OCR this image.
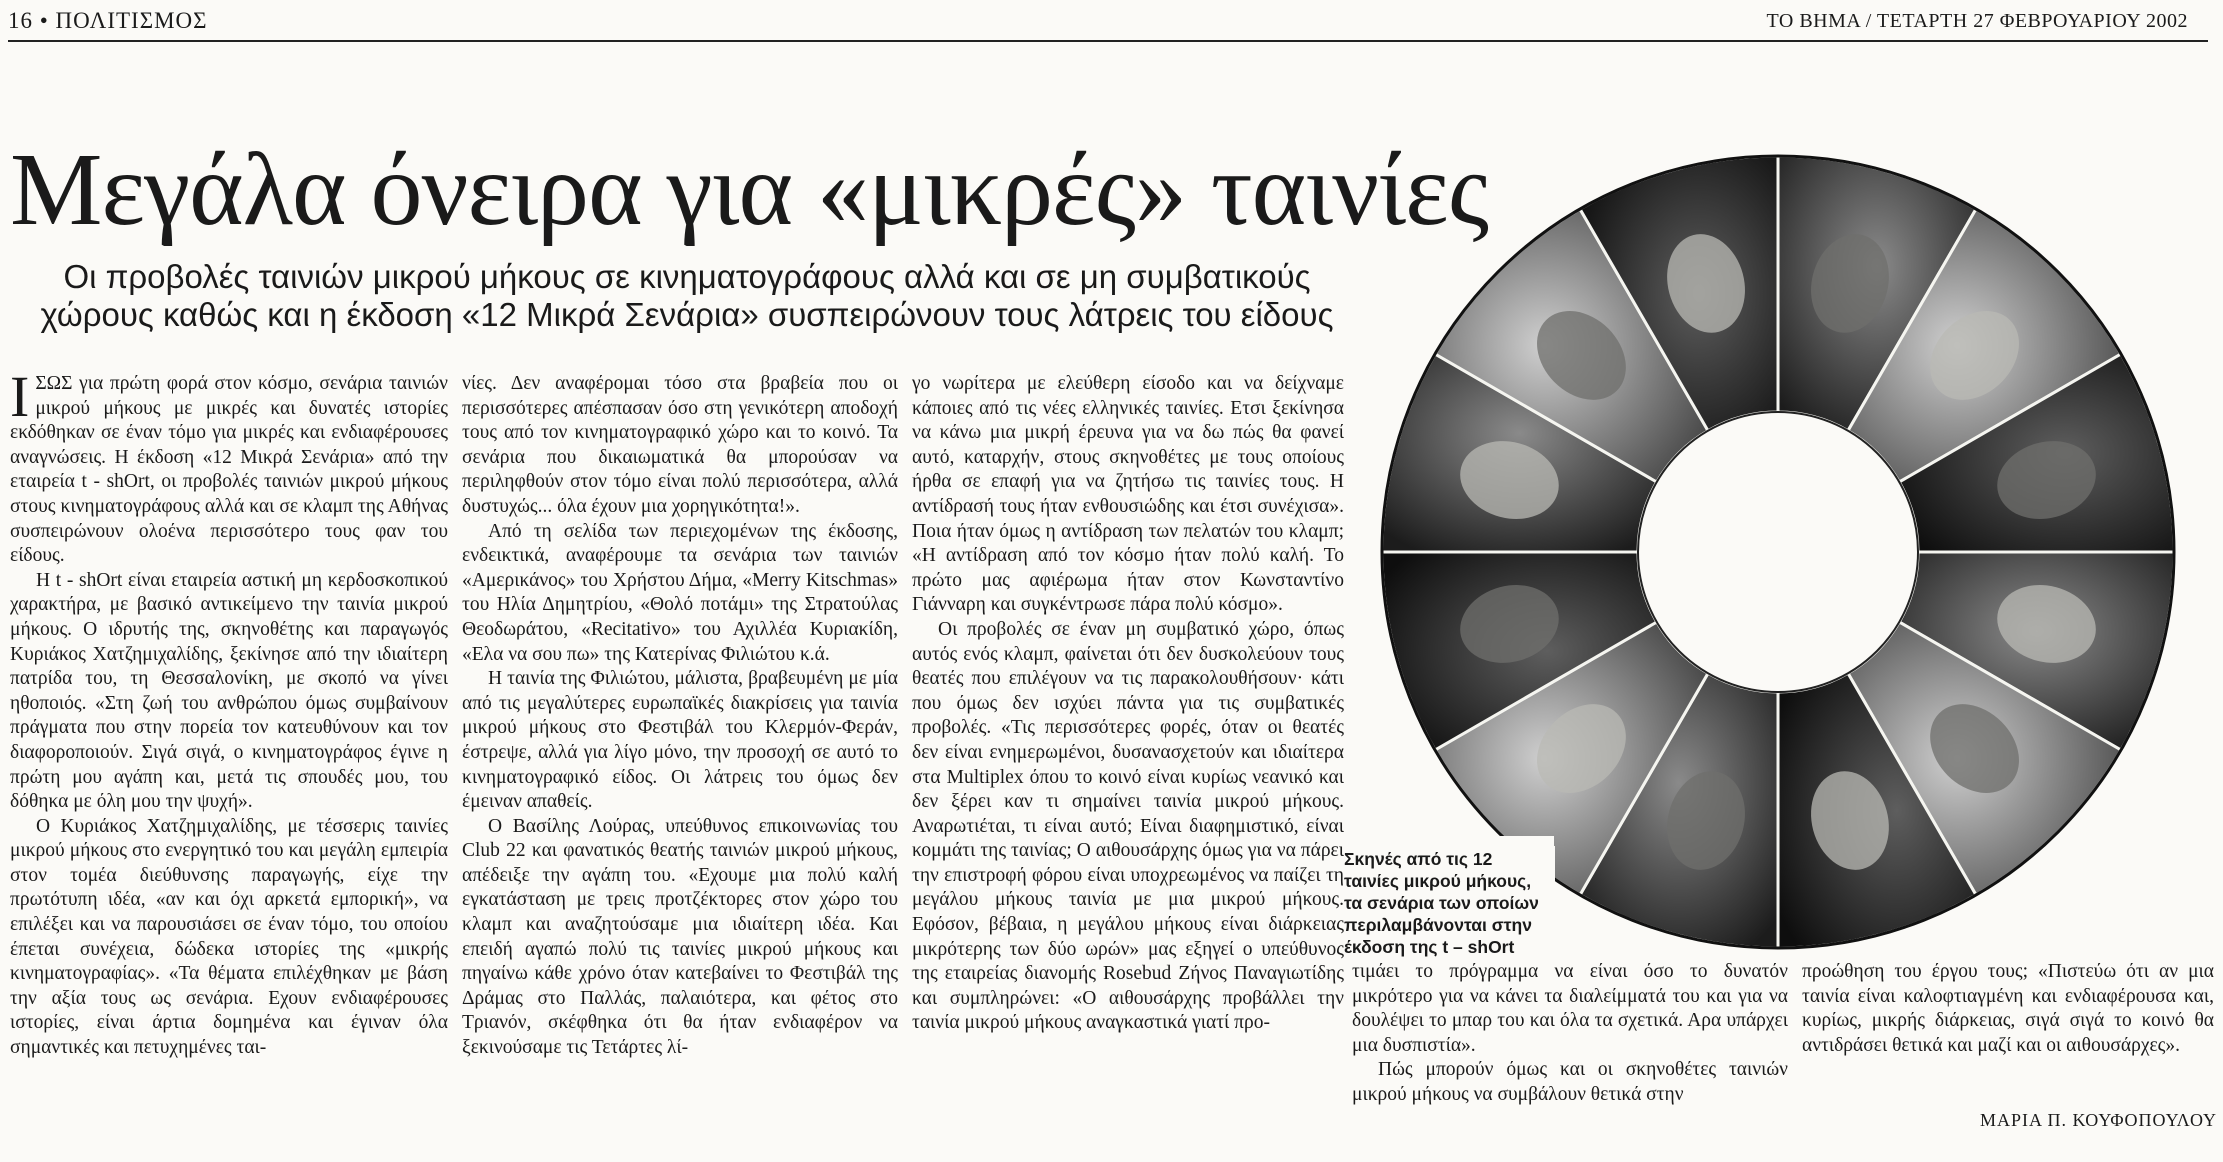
16 • ΠΟΛΙΤΙΣΜΟΣ	ΤΟ ΒΗΜΑ / ΤΕΤΑΡΤΗ 27 ΦΕΒΡΟΥΑΡΙΟΥ 2002
Μεγάλα όνειρα για «μικρές» ταινίες
Οι προβολές ταινιών μικρού μήκους σε κινηματογράφους αλλά και σε μη συμβατικούς χώρους καθώς και η έκδοση «12 Μικρά Σενάρια» συσπειρώνουν τους λάτρεις του είδους
Σκηνές από τις 12 ταινίες μικρού μήκους, τα σενάρια των οποίων περιλαμβάνονται στην έκδοση της t – shOrt

ΙΣΩΣ για πρώτη φορά στον κόσμο, σενάρια ταινιών μικρού μήκους με μικρές και δυνατές ιστορίες εκδόθηκαν σε έναν τόμο για μικρές και ενδιαφέρουσες αναγνώσεις. Η έκδοση «12 Μικρά Σενάρια» από την εταιρεία t - shOrt, οι προβολές ταινιών μικρού μήκους στους κινηματογράφους αλλά και σε κλαμπ της Αθήνας συσπειρώνουν ολοένα περισσότερο τους φαν του είδους.

Η t - shOrt είναι εταιρεία αστική μη κερδοσκοπικού χαρακτήρα, με βασικό αντικείμενο την ταινία μικρού μήκους. Ο ιδρυτής της, σκηνοθέτης και παραγωγός Κυριάκος Χατζημιχαλίδης, ξεκίνησε από την ιδιαίτερη πατρίδα του, τη Θεσσαλονίκη, με σκοπό να γίνει ηθοποιός. «Στη ζωή του ανθρώπου όμως συμβαίνουν πράγματα που στην πορεία τον κατευθύνουν και τον διαφοροποιούν. Σιγά σιγά, ο κινηματογράφος έγινε η πρώτη μου αγάπη και, μετά τις σπουδές μου, του δόθηκα με όλη μου την ψυχή».

Ο Κυριάκος Χατζημιχαλίδης, με τέσσερις ταινίες μικρού μήκους στο ενεργητικό του και μεγάλη εμπειρία στον τομέα διεύθυνσης παραγωγής, είχε την πρωτότυπη ιδέα, «αν και όχι αρκετά εμπορική», να επιλέξει και να παρουσιάσει σε έναν τόμο, του οποίου έπεται συνέχεια, δώδεκα ιστορίες της «μικρής κινηματογραφίας». «Τα θέματα επιλέχθηκαν με βάση την αξία τους ως σενάρια. Εχουν ενδιαφέρουσες ιστορίες, είναι άρτια δομημένα και έγιναν όλα σημαντικές και πετυχημένες ται-

νίες. Δεν αναφέρομαι τόσο στα βραβεία που οι περισσότερες απέσπασαν όσο στη γενικότερη αποδοχή τους από τον κινηματογραφικό χώρο και το κοινό. Τα σενάρια που δικαιωματικά θα μπορούσαν να περιληφθούν στον τόμο είναι πολύ περισσότερα, αλλά δυστυχώς... όλα έχουν μια χορηγικότητα!».

Από τη σελίδα των περιεχομένων της έκδοσης, ενδεικτικά, αναφέρουμε τα σενάρια των ταινιών «Αμερικάνος» του Χρήστου Δήμα, «Merry Kitschmas» του Ηλία Δημητρίου, «Θολό ποτάμι» της Στρατούλας Θεοδωράτου, «Recitativo» του Αχιλλέα Κυριακίδη, «Ελα να σου πω» της Κατερίνας Φιλιώτου κ.ά.

Η ταινία της Φιλιώτου, μάλιστα, βραβευμένη με μία από τις μεγαλύτερες ευρωπαϊκές διακρίσεις για ταινία μικρού μήκους στο Φεστιβάλ του Κλερμόν-Φεράν, έστρεψε, αλλά για λίγο μόνο, την προσοχή σε αυτό το κινηματογραφικό είδος. Οι λάτρεις του όμως δεν έμειναν απαθείς.

Ο Βασίλης Λούρας, υπεύθυνος επικοινωνίας του Club 22 και φανατικός θεατής ταινιών μικρού μήκους, απέδειξε την αγάπη του. «Εχουμε μια πολύ καλή εγκατάσταση με τρεις προτζέκτορες στον χώρο του κλαμπ και αναζητούσαμε μια ιδιαίτερη ιδέα. Και επειδή αγαπώ πολύ τις ταινίες μικρού μήκους και πηγαίνω κάθε χρόνο όταν κατεβαίνει το Φεστιβάλ της Δράμας στο Παλλάς, παλαιότερα, και φέτος στο Τριανόν, σκέφθηκα ότι θα ήταν ενδιαφέρον να ξεκινούσαμε τις Τετάρτες λί-

γο νωρίτερα με ελεύθερη είσοδο και να δείχναμε κάποιες από τις νέες ελληνικές ταινίες. Ετσι ξεκίνησα να κάνω μια μικρή έρευνα για να δω πώς θα φανεί αυτό, καταρχήν, στους σκηνοθέτες με τους οποίους ήρθα σε επαφή για να ζητήσω τις ταινίες τους. Η αντίδρασή τους ήταν ενθουσιώδης και έτσι συνέχισα». Ποια ήταν όμως η αντίδραση των πελατών του κλαμπ; «Η αντίδραση από τον κόσμο ήταν πολύ καλή. Το πρώτο μας αφιέρωμα ήταν στον Κωνσταντίνο Γιάνναρη και συγκέντρωσε πάρα πολύ κόσμο».

Οι προβολές σε έναν μη συμβατικό χώρο, όπως αυτός ενός κλαμπ, φαίνεται ότι δεν δυσκολεύουν τους θεατές που επιλέγουν να τις παρακολουθήσουν· κάτι που όμως δεν ισχύει πάντα για τις συμβατικές προβολές. «Τις περισσότερες φορές, όταν οι θεατές δεν είναι ενημερωμένοι, δυσανασχετούν και ιδιαίτερα στα Multiplex όπου το κοινό είναι κυρίως νεανικό και δεν ξέρει καν τι σημαίνει ταινία μικρού μήκους. Αναρωτιέται, τι είναι αυτό; Είναι διαφημιστικό, είναι κομμάτι της ταινίας; Ο αιθουσάρχης όμως για να πάρει την επιστροφή φόρου είναι υποχρεωμένος να παίζει τη μεγάλου μήκους ταινία με μια μικρού μήκους. Εφόσον, βέβαια, η μεγάλου μήκους είναι διάρκειας μικρότερης των δύο ωρών» μας εξηγεί ο υπεύθυνος της εταιρείας διανομής Rosebud Ζήνος Παναγιωτίδης και συμπληρώνει: «Ο αιθουσάρχης προβάλλει την ταινία μικρού μήκους αναγκαστικά γιατί προ-

τιμάει το πρόγραμμα να είναι όσο το δυνατόν μικρότερο για να κάνει τα διαλείμματά του και για να δουλέψει το μπαρ του και όλα τα σχετικά. Αρα υπάρχει μια δυσπιστία».

Πώς μπορούν όμως και οι σκηνοθέτες ταινιών μικρού μήκους να συμβάλουν θετικά στην

προώθηση του έργου τους; «Πιστεύω ότι αν μια ταινία είναι καλοφτιαγμένη και ενδιαφέρουσα και, κυρίως, μικρής διάρκειας, σιγά σιγά το κοινό θα αντιδράσει θετικά και μαζί και οι αιθουσάρχες».

ΜΑΡΙΑ Π. ΚΟΥΦΟΠΟΥΛΟΥ
